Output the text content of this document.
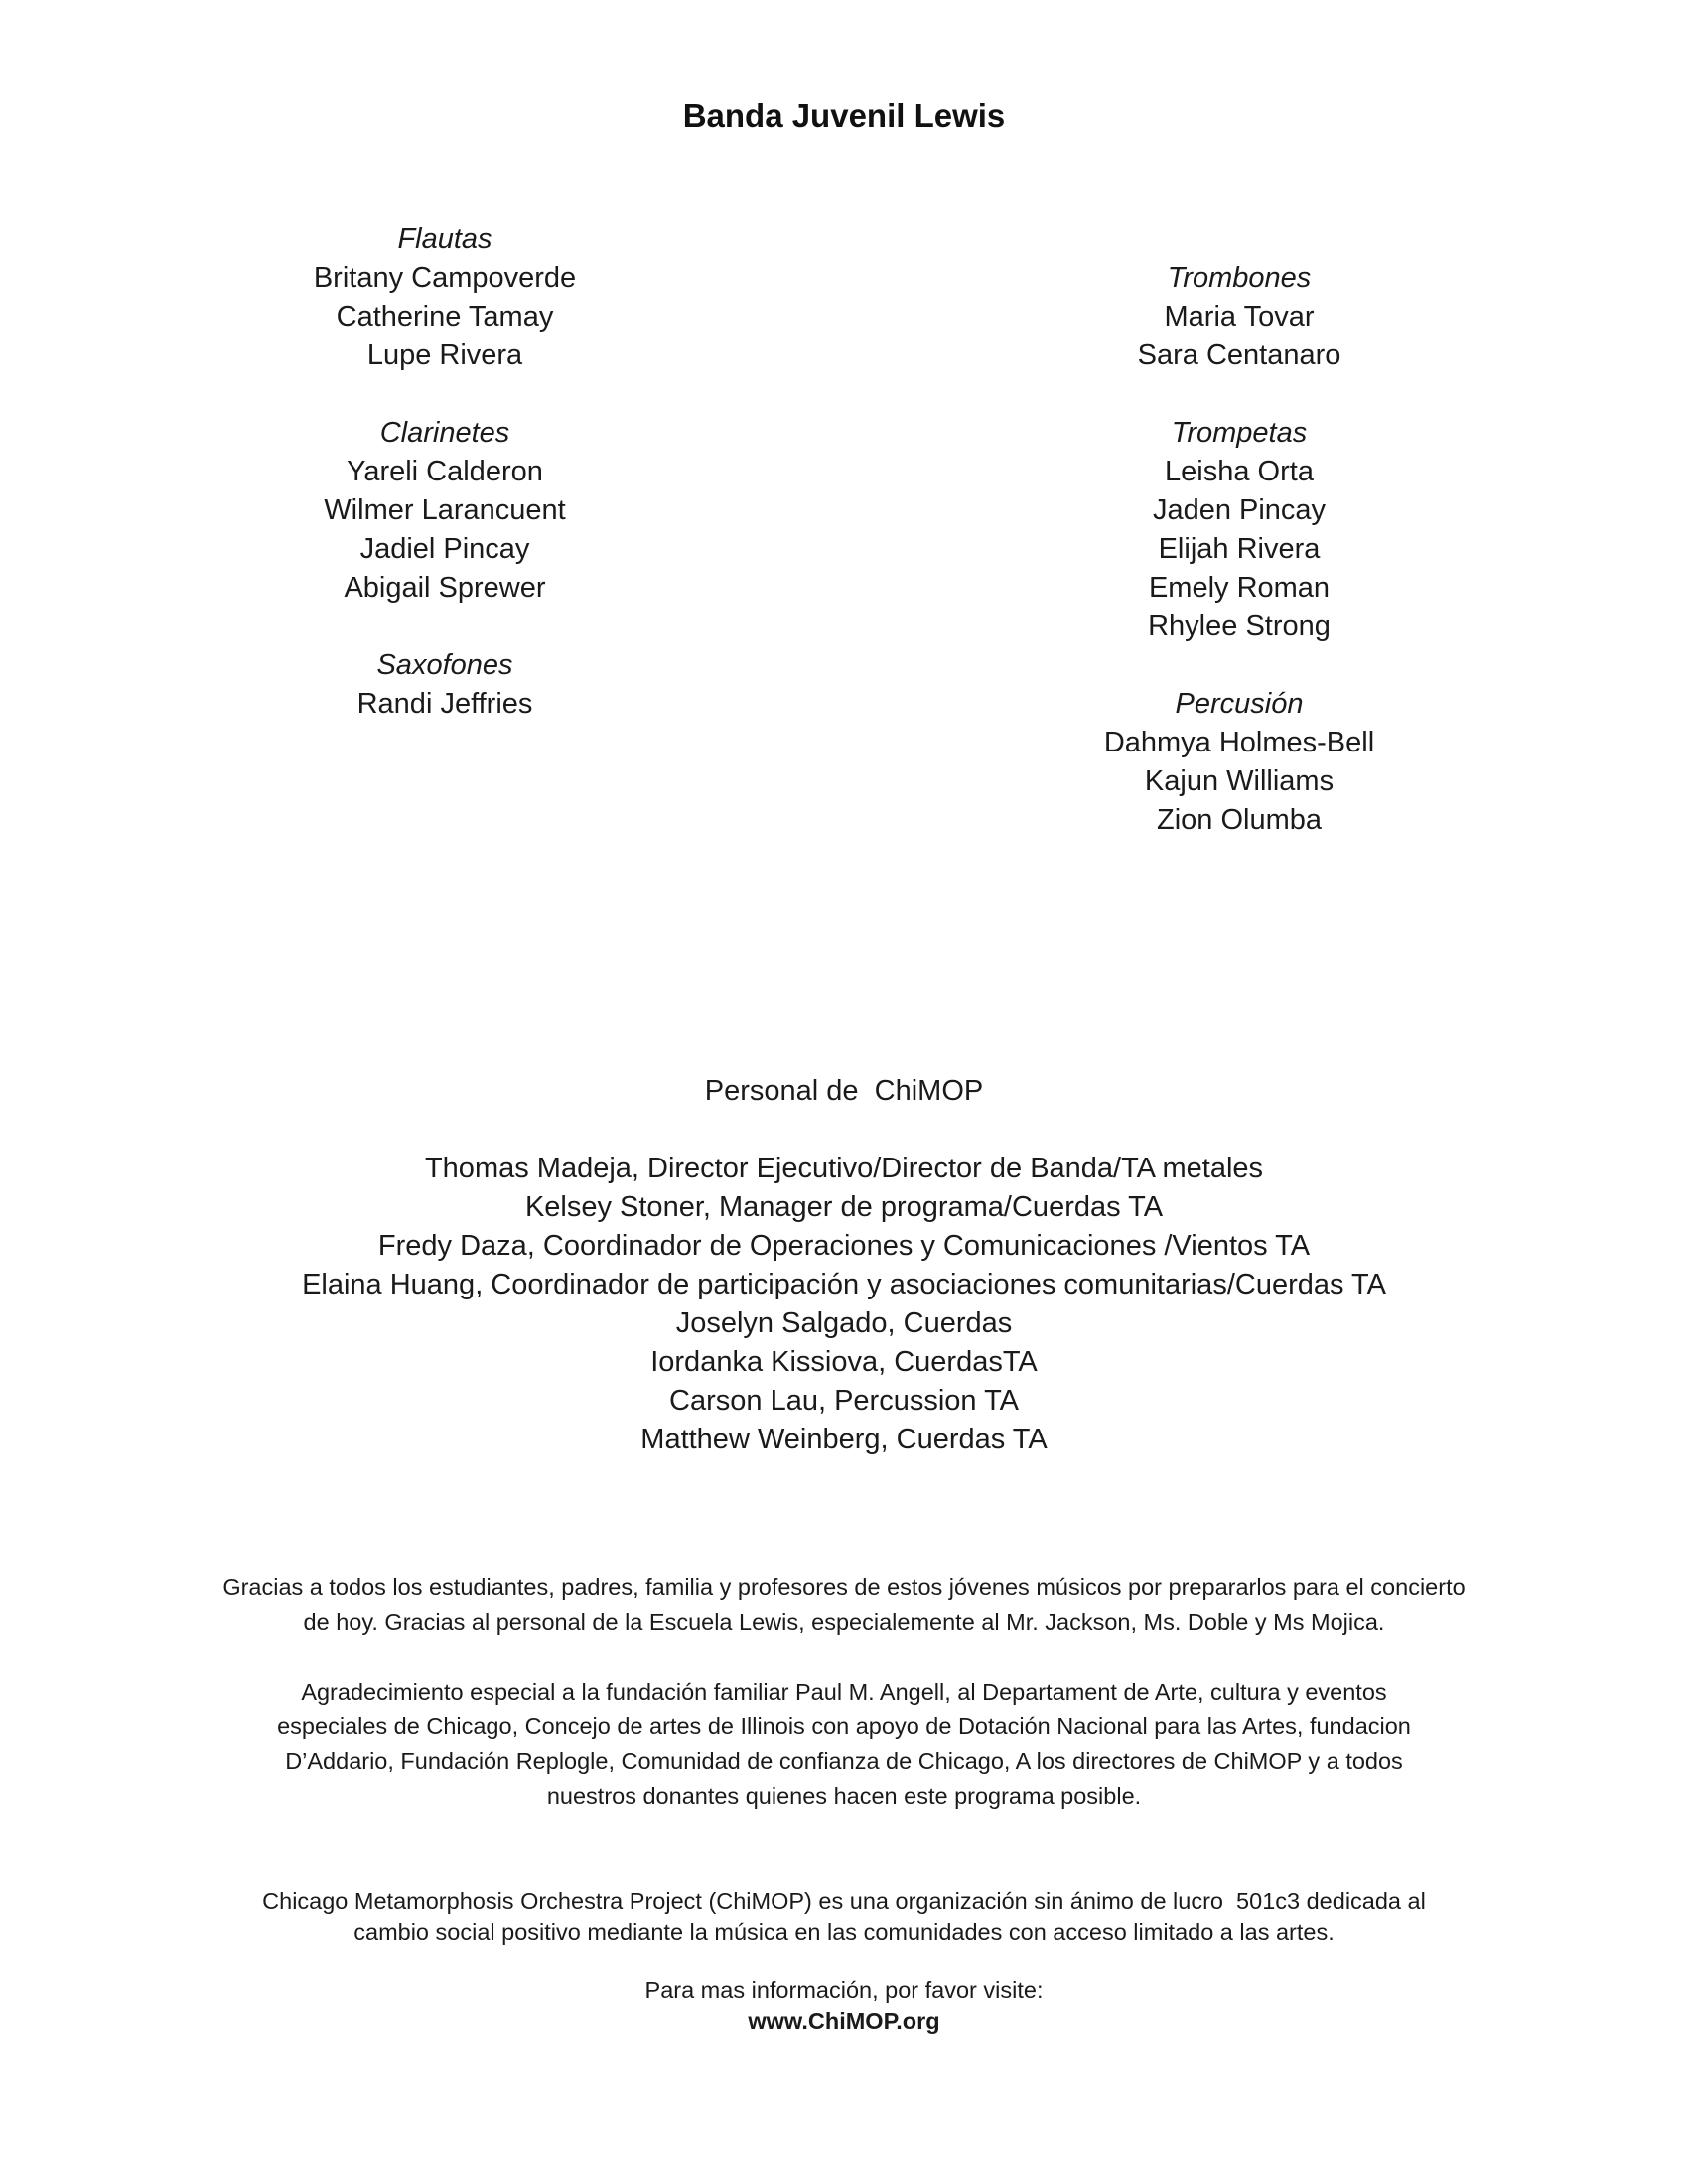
Banda Juvenil Lewis
Flautas
Britany Campoverde
Catherine Tamay
Lupe Rivera
Clarinetes
Yareli Calderon
Wilmer Larancuent
Jadiel Pincay
Abigail Sprewer
Saxofones
Randi Jeffries
Trombones
Maria Tovar
Sara Centanaro
Trompetas
Leisha Orta
Jaden Pincay
Elijah Rivera
Emely Roman
Rhylee Strong
Percusión
Dahmya Holmes-Bell
Kajun Williams
Zion Olumba
Personal de  ChiMOP
Thomas Madeja, Director Ejecutivo/Director de Banda/TA metales
Kelsey Stoner, Manager de programa/Cuerdas TA
Fredy Daza, Coordinador de Operaciones y Comunicaciones /Vientos TA
Elaina Huang, Coordinador de participación y asociaciones comunitarias/Cuerdas TA
Joselyn Salgado, Cuerdas
Iordanka Kissiova, CuerdasTA
Carson Lau, Percussion TA
Matthew Weinberg, Cuerdas TA
Gracias a todos los estudiantes, padres, familia y profesores de estos jóvenes músicos por prepararlos para el concierto
de hoy. Gracias al personal de la Escuela Lewis, especialemente al Mr. Jackson, Ms. Doble y Ms Mojica.
Agradecimiento especial a la fundación familiar Paul M. Angell, al Departament de Arte, cultura y eventos
especiales de Chicago, Concejo de artes de Illinois con apoyo de Dotación Nacional para las Artes, fundacion
D’Addario, Fundación Replogle, Comunidad de confianza de Chicago, A los directores de ChiMOP y a todos
nuestros donantes quienes hacen este programa posible.
Chicago Metamorphosis Orchestra Project (ChiMOP) es una organización sin ánimo de lucro  501c3 dedicada al
cambio social positivo mediante la música en las comunidades con acceso limitado a las artes.
Para mas información, por favor visite:
www.ChiMOP.org
